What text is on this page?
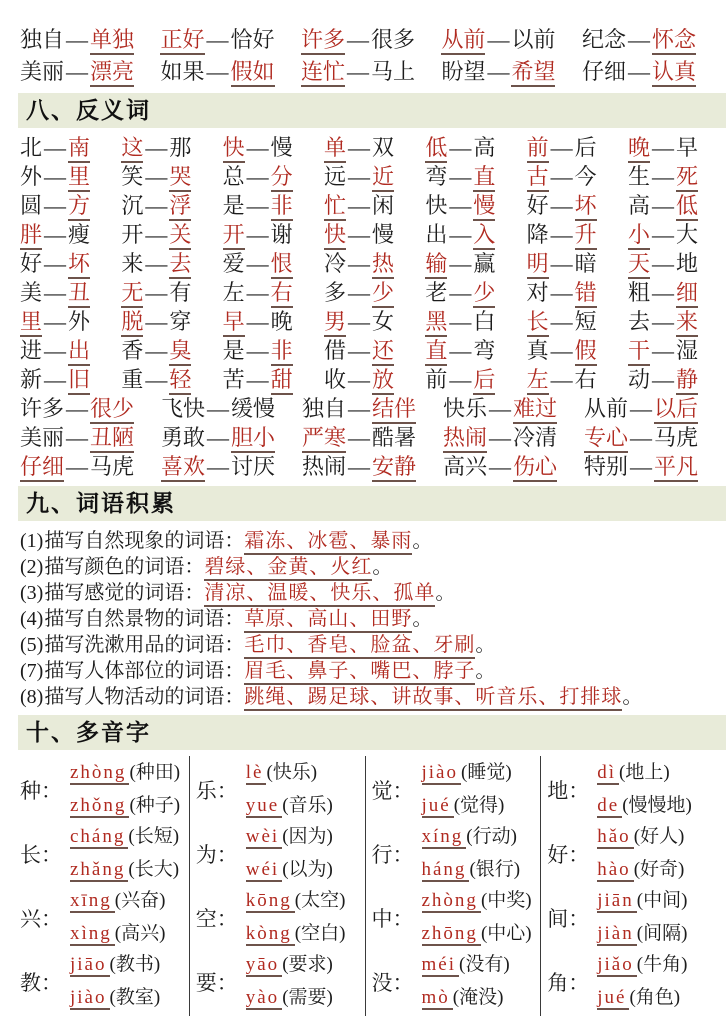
独自—单独 正好—恰好 许多—很多 从前—以前 纪念—怀念
美丽—漂亮 如果—假如 连忙—马上 盼望—希望 仔细—认真
八、反义词
北—南 这—那 快—慢 单—双 低—高 前—后 晚—早
外—里 笑—哭 总—分 远—近 弯—直 古—今 生—死
圆—方 沉—浮 是—非 忙—闲 快—慢 好—坏 高—低
胖—瘦 开—关 开—谢 快—慢 出—入 降—升 小—大
好—坏 来—去 爱—恨 冷—热 输—赢 明—暗 天—地
美—丑 无—有 左—右 多—少 老—少 对—错 粗—细
里—外 脱—穿 早—晚 男—女 黑—白 长—短 去—来
进—出 香—臭 是—非 借—还 直—弯 真—假 干—湿
新—旧 重—轻 苦—甜 收—放 前—后 左—右 动—静
许多—很少 飞快—缓慢 独自—结伴 快乐—难过 从前—以后
美丽—丑陋 勇敢—胆小 严寒—酷暑 热闹—冷清 专心—马虎
仔细—马虎 喜欢—讨厌 热闹—安静 高兴—伤心 特别—平凡
九、词语积累
(1)描写自然现象的词语：霜冻、冰雹、暴雨。
(2)描写颜色的词语：碧绿、金黄、火红。
(3)描写感觉的词语：清凉、温暖、快乐、孤单。
(4)描写自然景物的词语：草原、高山、田野。
(5)描写洗漱用品的词语：毛巾、香皂、脸盆、牙刷。
(7)描写人体部位的词语：眉毛、鼻子、嘴巴、脖子。
(8)描写人物活动的词语：跳绳、踢足球、讲故事、听音乐、打排球。
十、多音字
种：
zhòng (种田)
zhǒng (种子)
长：
cháng (长短)
zhǎng (长大)
兴：
xīng (兴奋)
xìng (高兴)
教：
jiāo (教书)
jiào (教室)
乐：
lè (快乐)
yue (音乐)
为：
wèi (因为)
wéi (以为)
空：
kōng (太空)
kòng (空白)
要：
yāo (要求)
yào (需要)
觉：
jiào (睡觉)
jué (觉得)
行：
xíng (行动)
háng (银行)
中：
zhòng (中奖)
zhōng (中心)
没：
méi (没有)
mò (淹没)
地：
dì (地上)
de (慢慢地)
好：
hǎo (好人)
hào (好奇)
间：
jiān (中间)
jiàn (间隔)
角：
jiǎo (牛角)
jué (角色)
